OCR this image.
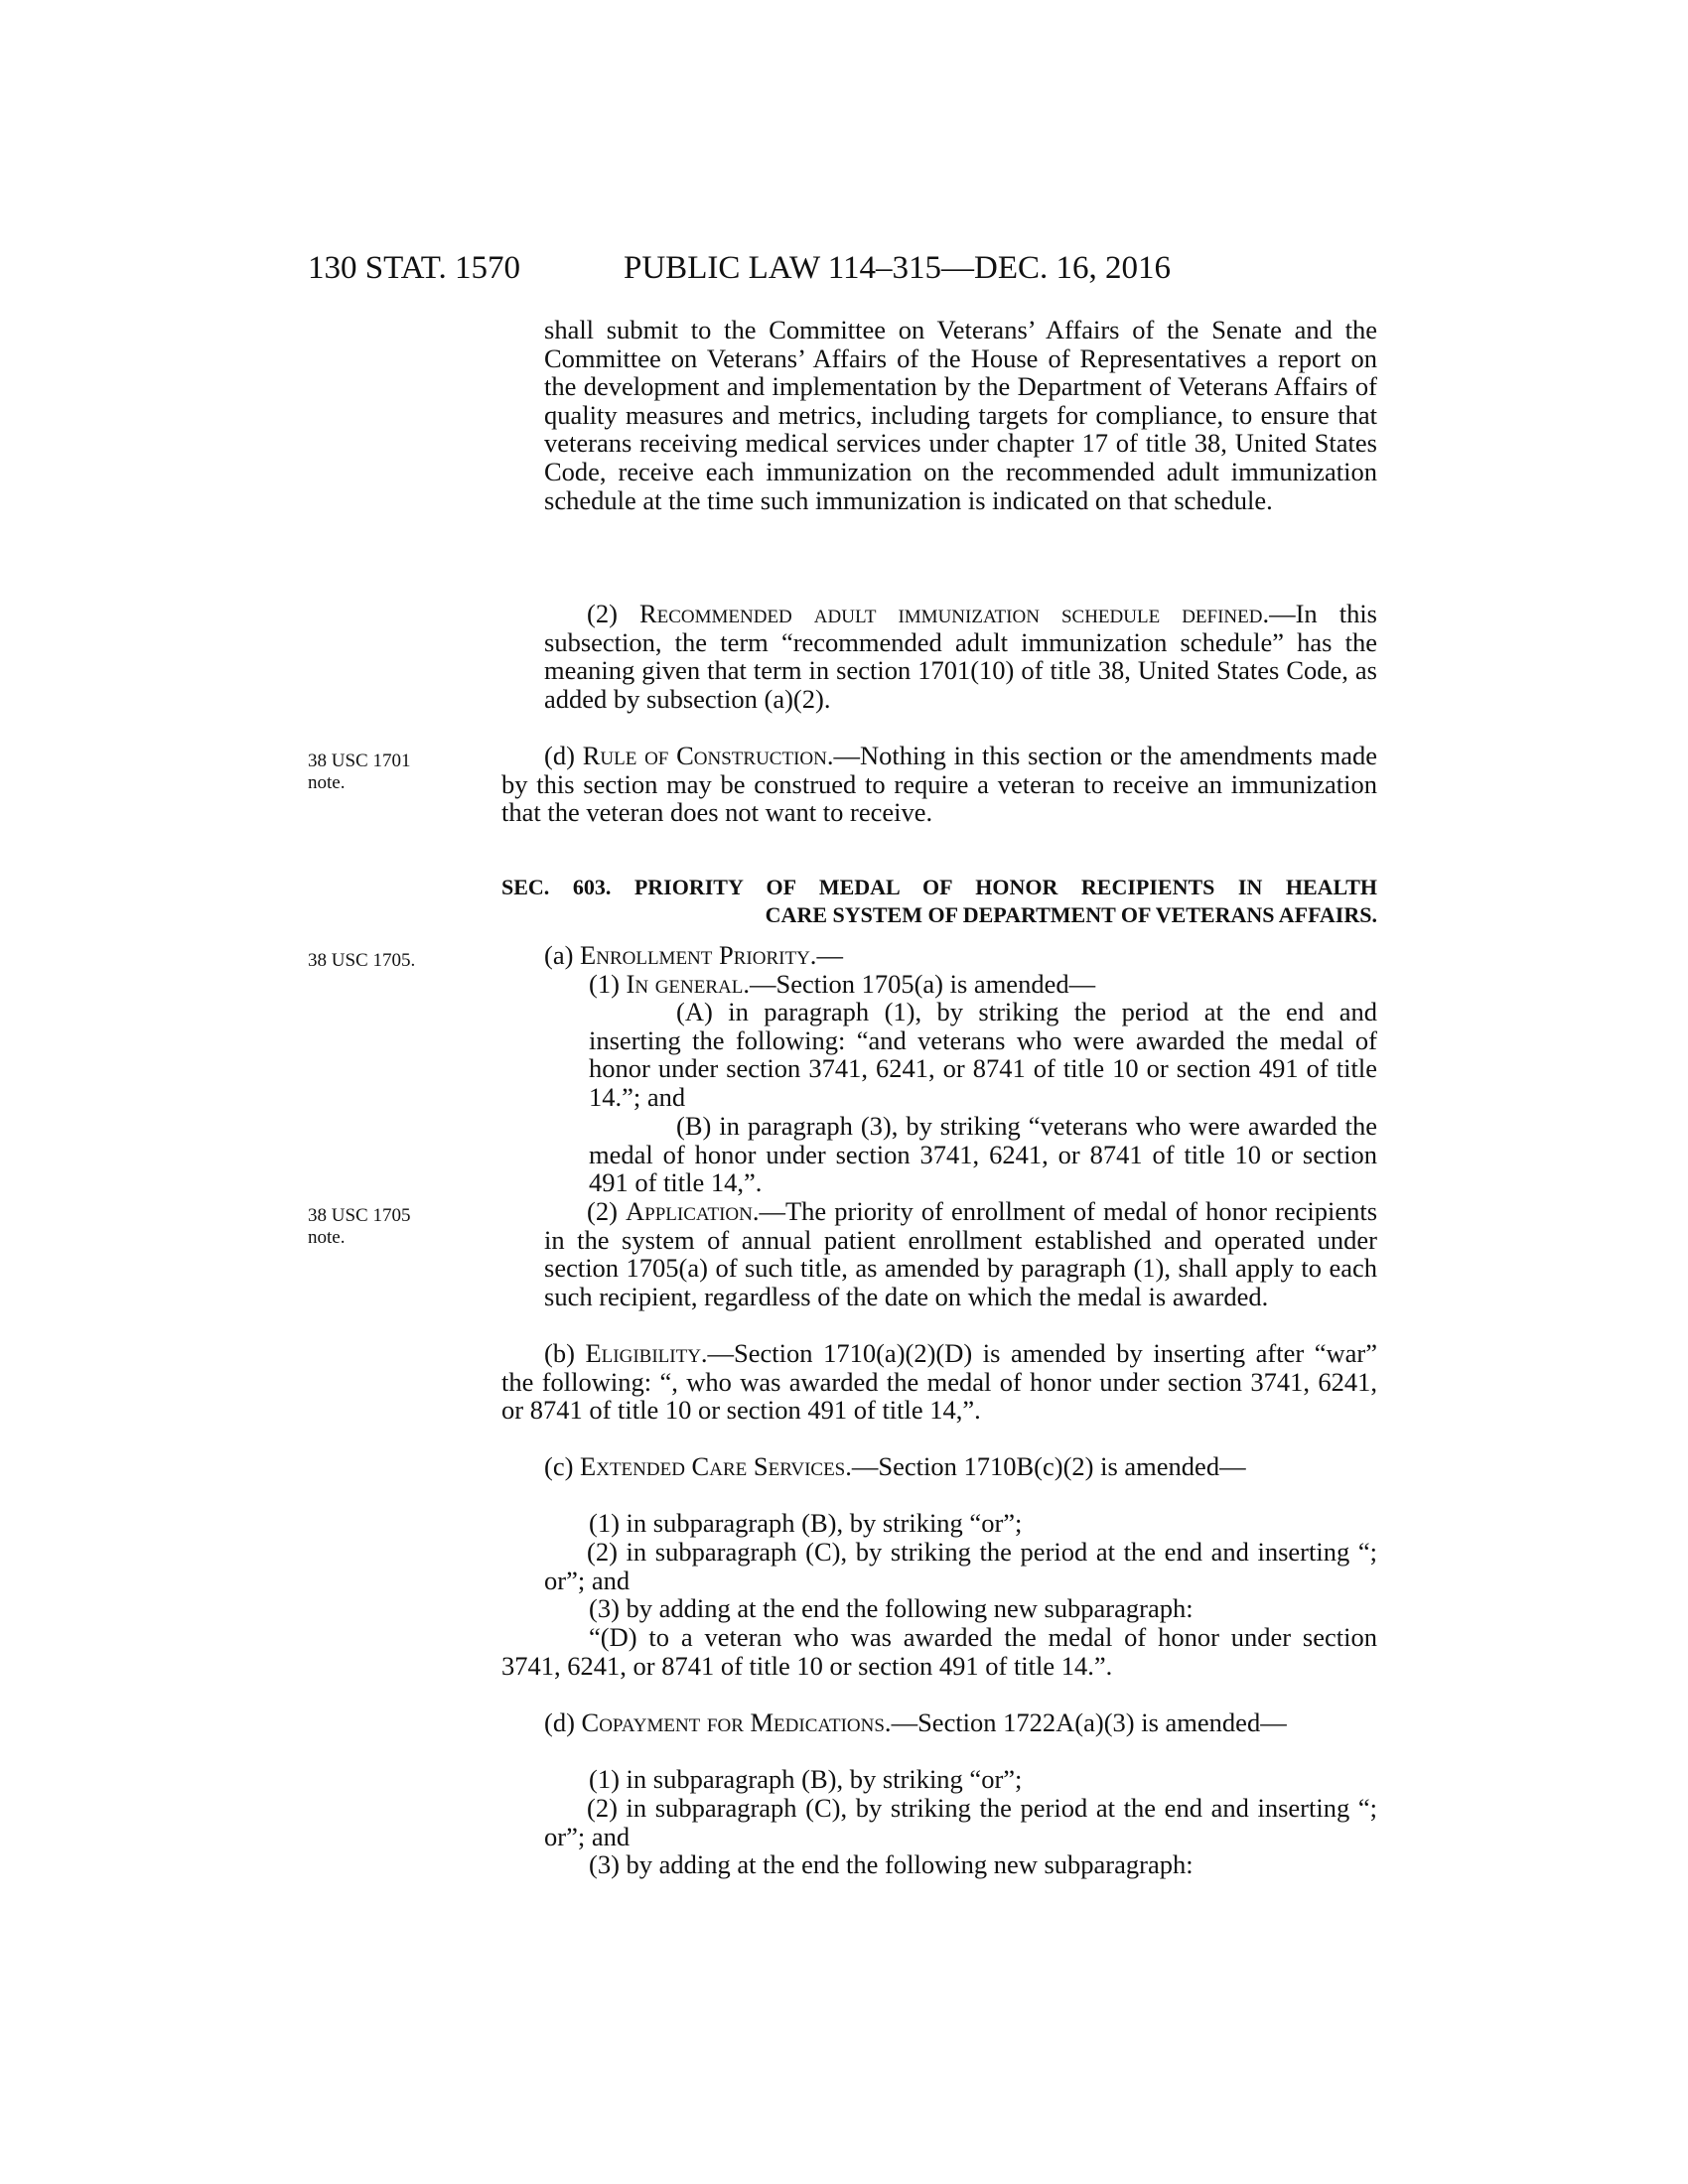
130 STAT. 1570	PUBLIC LAW 114–315—DEC. 16, 2016
38 USC 1701
note.
38 USC 1705.
38 USC 1705
note.
shall submit to the Committee on Veterans’ Affairs of the Senate and the Committee on Veterans’ Affairs of the House of Representatives a report on the development and implementation by the Department of Veterans Affairs of quality measures and metrics, including targets for compliance, to ensure that veterans receiving medical services under chapter 17 of title 38, United States Code, receive each immunization on the recommended adult immunization schedule at the time such immunization is indicated on that schedule.
(2) Recommended adult immunization schedule defined.—In this subsection, the term “recommended adult immunization schedule” has the meaning given that term in section 1701(10) of title 38, United States Code, as added by subsection (a)(2).
(d) Rule of Construction.—Nothing in this section or the amendments made by this section may be construed to require a veteran to receive an immunization that the veteran does not want to receive.
SEC. 603. PRIORITY OF MEDAL OF HONOR RECIPIENTS IN HEALTH
CARE SYSTEM OF DEPARTMENT OF VETERANS AFFAIRS.
(a) Enrollment Priority.—
(1) In general.—Section 1705(a) is amended—
(A) in paragraph (1), by striking the period at the end and inserting the following: “and veterans who were awarded the medal of honor under section 3741, 6241, or 8741 of title 10 or section 491 of title 14.”; and
(B) in paragraph (3), by striking “veterans who were awarded the medal of honor under section 3741, 6241, or 8741 of title 10 or section 491 of title 14,”.
(2) Application.—The priority of enrollment of medal of honor recipients in the system of annual patient enrollment established and operated under section 1705(a) of such title, as amended by paragraph (1), shall apply to each such recipient, regardless of the date on which the medal is awarded.
(b) Eligibility.—Section 1710(a)(2)(D) is amended by inserting after “war” the following: “, who was awarded the medal of honor under section 3741, 6241, or 8741 of title 10 or section 491 of title 14,”.
(c) Extended Care Services.—Section 1710B(c)(2) is amended—
(1) in subparagraph (B), by striking “or”;
(2) in subparagraph (C), by striking the period at the end and inserting “; or”; and
(3) by adding at the end the following new subparagraph:
“(D) to a veteran who was awarded the medal of honor under section 3741, 6241, or 8741 of title 10 or section 491 of title 14.”.
(d) Copayment for Medications.—Section 1722A(a)(3) is amended—
(1) in subparagraph (B), by striking “or”;
(2) in subparagraph (C), by striking the period at the end and inserting “; or”; and
(3) by adding at the end the following new subparagraph:
